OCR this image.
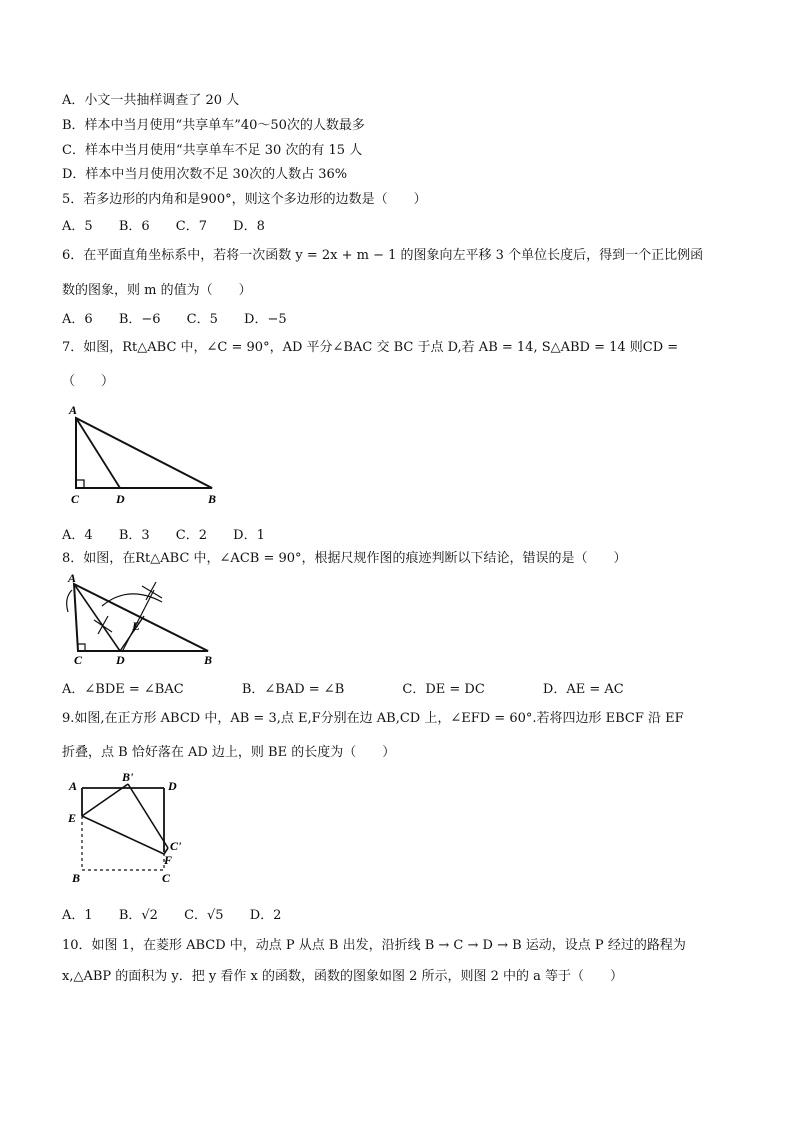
A．小文一共抽样调查了 20 人
B．样本中当月使用“共享单车”40～50次的人数最多
C．样本中当月使用“共享单车不足 30 次的有 15 人
D．样本中当月使用次数不足 30次的人数占 36%
5．若多边形的内角和是900°，则这个多边形的边数是（　　）
A．5 B．6 C．7 D．8
6．在平面直角坐标系中，若将一次函数 y = 2x + m − 1 的图象向左平移 3 个单位长度后，得到一个正比例函
数的图象，则 m 的值为（　　）
A．6 B．−6 C．5 D．−5
7．如图，Rt△ABC 中，∠C = 90°，AD 平分∠BAC 交 BC 于点 D,若 AB = 14, S△ABD = 14 则CD =
（　　）
A
C	D	B
A．4 B．3 C．2 D．1
8．如图，在Rt△ABC 中，∠ACB = 90°，根据尺规作图的痕迹判断以下结论，错误的是（　　）
A
E
C	D	B
A．∠BDE = ∠BAC	B．∠BAD = ∠B	C．DE = DC	D．AE = AC
9.如图,在正方形 ABCD 中，AB = 3,点 E,F分别在边 AB,CD 上，∠EFD = 60°.若将四边形 EBCF 沿 EF
折叠，点 B 恰好落在 AD 边上，则 BE 的长度为（　　）
A
B'
D
E
C'
F
B	C
A．1 B．√2 C．√5 D．2
10．如图 1，在菱形 ABCD 中，动点 P 从点 B 出发，沿折线 B → C → D → B 运动，设点 P 经过的路程为
x,△ABP 的面积为 y．把 y 看作 x 的函数，函数的图象如图 2 所示，则图 2 中的 a 等于（　　）
